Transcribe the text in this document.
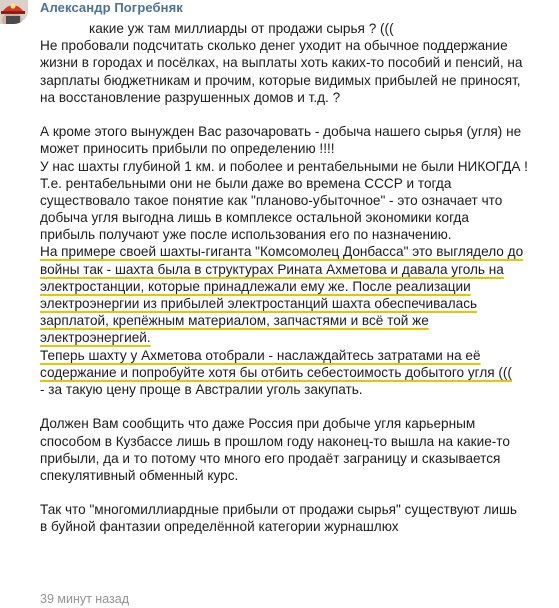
Александр Погребняк
какие уж там миллиарды от продажи сырья ? (((
Не пробовали подсчитать сколько денег уходит на обычное поддержание
жизни в городах и посёлках, на выплаты хоть каких-то пособий и пенсий, на
зарплаты бюджетникам и прочим, которые видимых прибылей не приносят,
на восстановление разрушенных домов и т.д. ?
А кроме этого вынужден Вас разочаровать - добыча нашего сырья (угля) не
может приносить прибыли по определению !!!!
У нас шахты глубиной 1 км. и поболее и рентабельными не были НИКОГДА !
Т.е. рентабельными они не были даже во времена СССР и тогда
существовало такое понятие как "планово-убыточное" - это означает что
добыча угля выгодна лишь в комплексе остальной экономики когда
прибыль получают уже после использования его по назначению.
На примере своей шахты-гиганта "Комсомолец Донбасса" это выглядело до
войны так - шахта была в структурах Рината Ахметова и давала уголь на
электростанции, которые принадлежали ему же. После реализации
электроэнергии из прибылей электростанций шахта обеспечивалась
зарплатой, крепёжным материалом, запчастями и всё той же
электроэнергией.
Теперь шахту у Ахметова отобрали - наслаждайтесь затратами на её
содержание и попробуйте хотя бы отбить себестоимость добытого угля (((
- за такую цену проще в Австралии уголь закупать.
Должен Вам сообщить что даже Россия при добыче угля карьерным
способом в Кузбассе лишь в прошлом году наконец-то вышла на какие-то
прибыли, да и то потому что много его продаёт заграницу и сказывается
спекулятивный обменный курс.
Так что "многомиллиардные прибыли от продажи сырья" существуют лишь
в буйной фантазии определённой категории журнашлюх
39 минут назад
